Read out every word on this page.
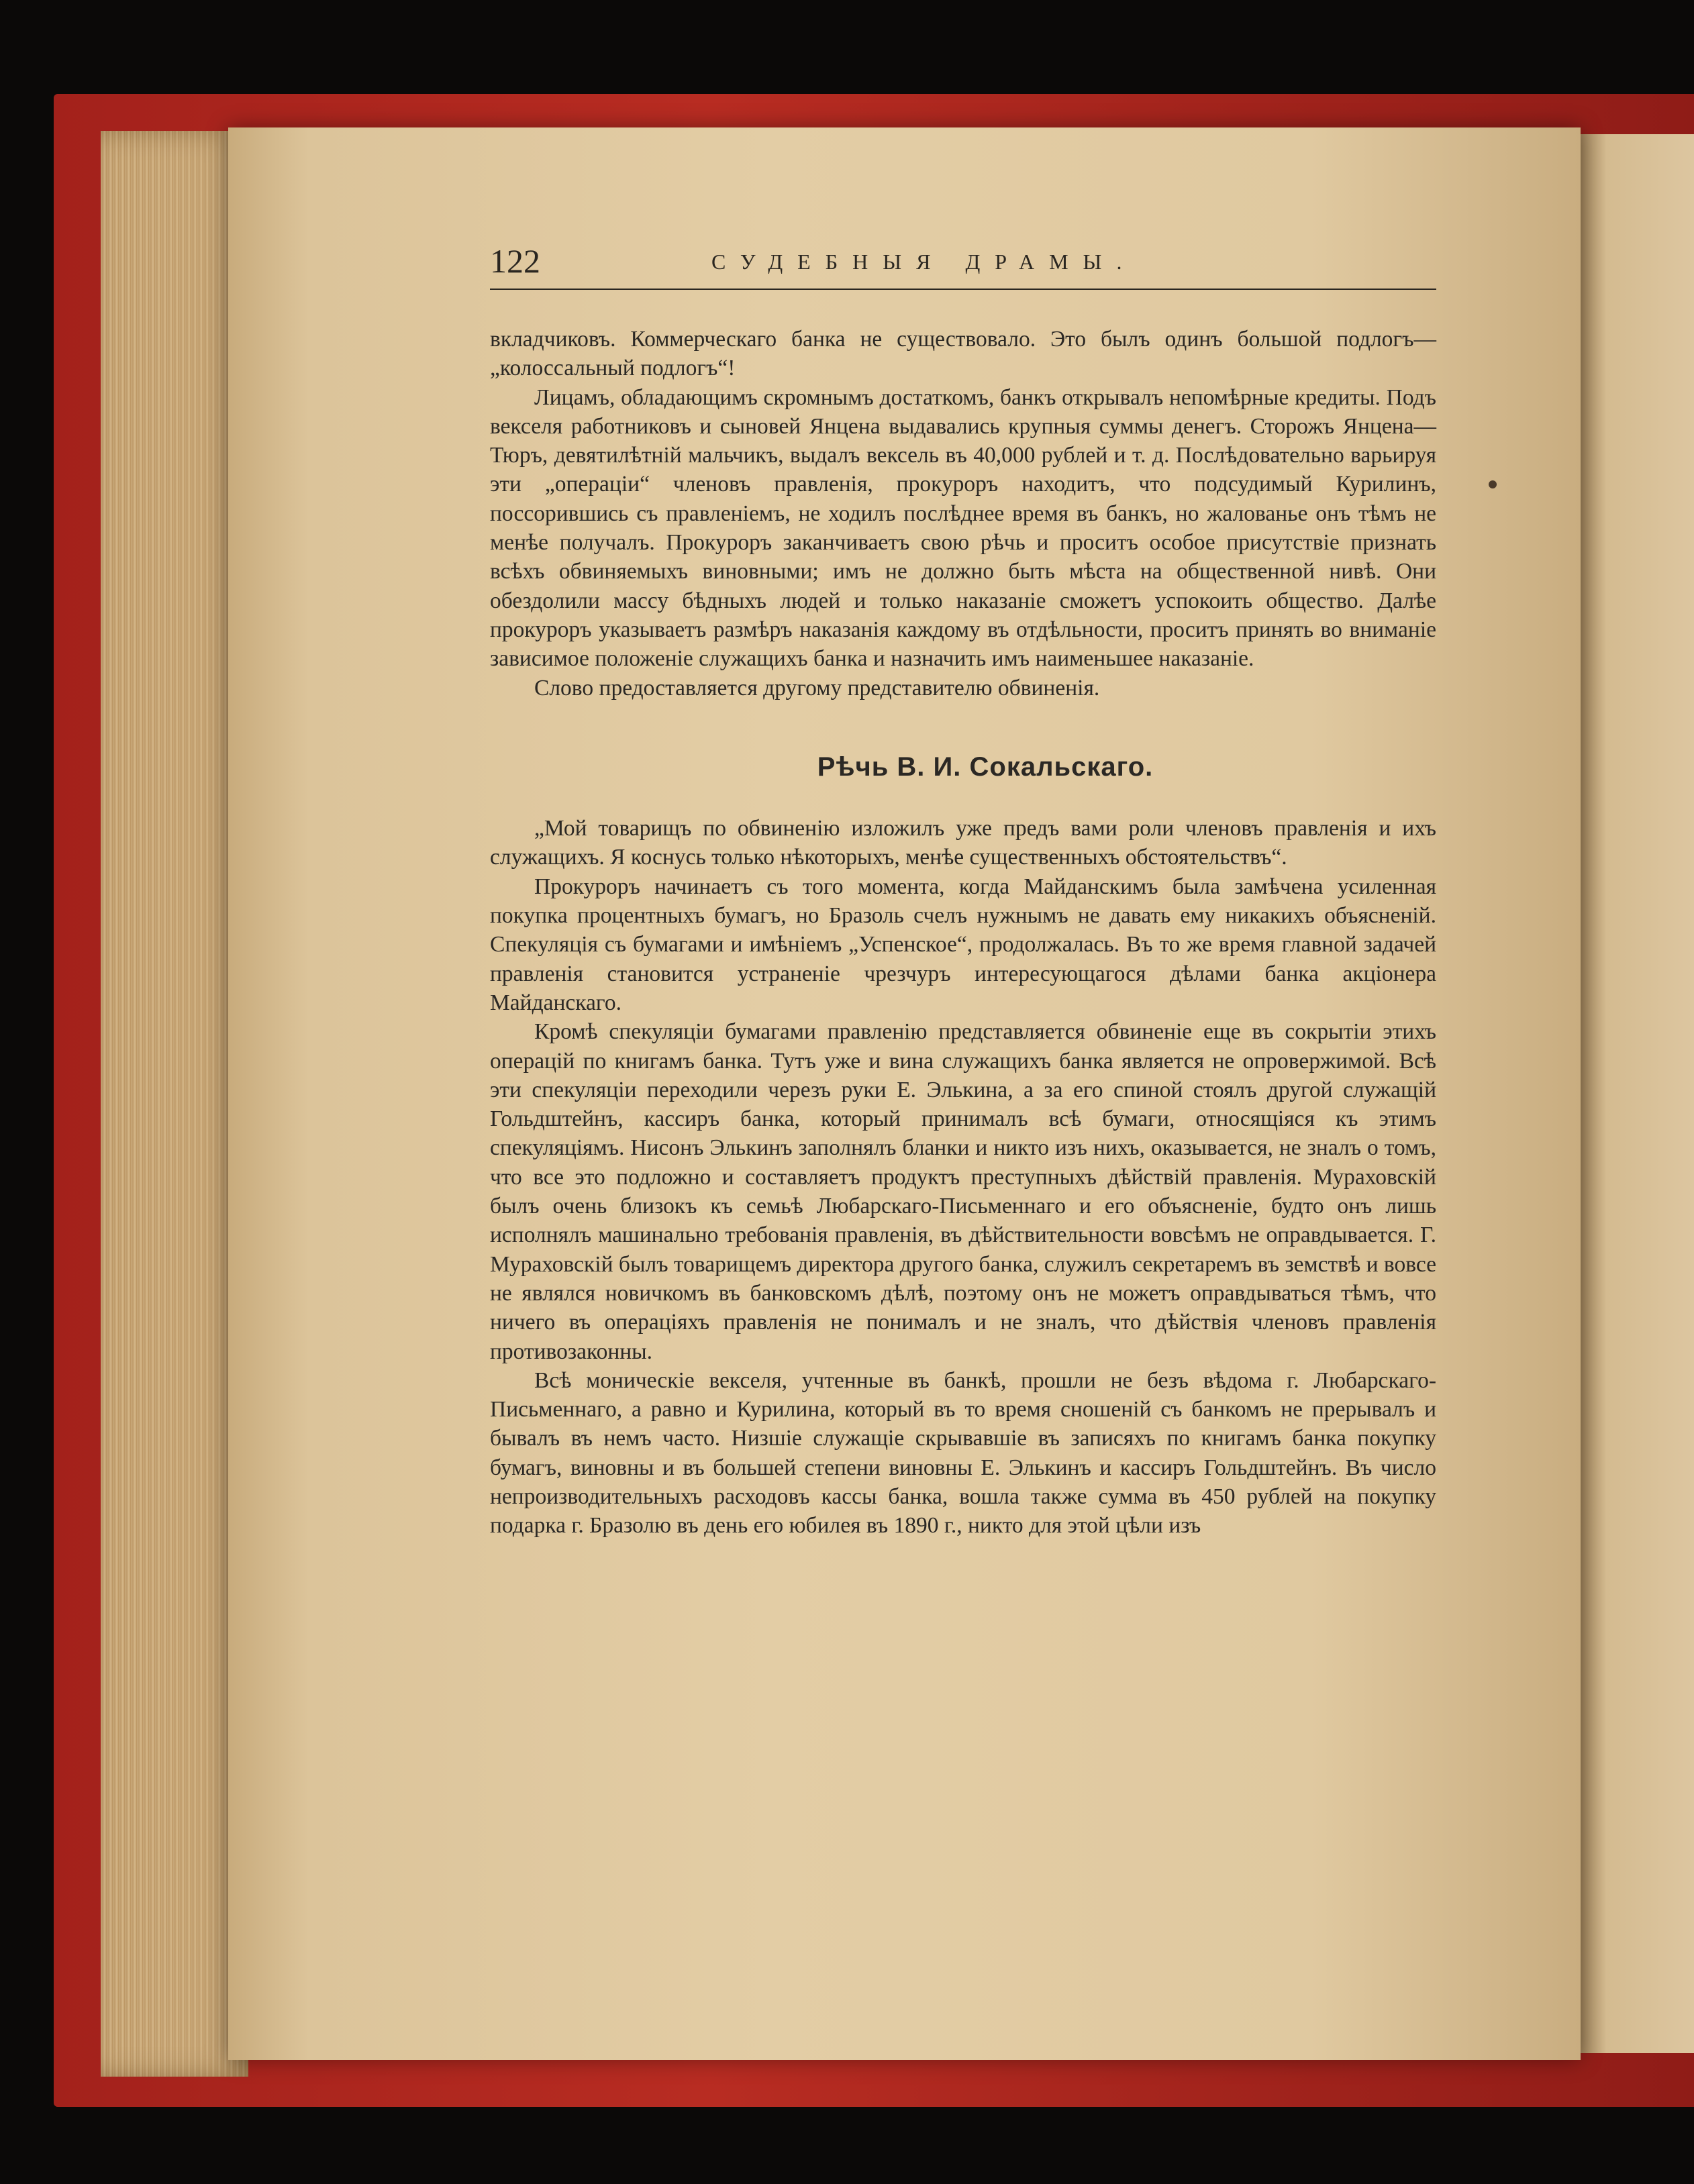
122	СУДЕБНЫЯ ДРАМЫ.

вкладчиковъ. Коммерческаго банка не существовало. Это былъ одинъ большой подлогъ—„колоссальный подлогъ“!

Лицамъ, обладающимъ скромнымъ достаткомъ, банкъ открывалъ непомѣрные кредиты. Подъ векселя работниковъ и сыновей Янцена выдавались крупныя суммы денегъ. Сторожъ Янцена—Тюръ, девятилѣтній мальчикъ, выдалъ вексель въ 40,000 рублей и т. д. Послѣдовательно варьируя эти „операціи“ членовъ правленія, прокуроръ находитъ, что подсудимый Курилинъ, поссорившись съ правленіемъ, не ходилъ послѣднее время въ банкъ, но жалованье онъ тѣмъ не менѣе получалъ. Прокуроръ заканчиваетъ свою рѣчь и проситъ особое присутствіе признать всѣхъ обвиняемыхъ виновными; имъ не должно быть мѣста на общественной нивѣ. Они обездолили массу бѣдныхъ людей и только наказаніе сможетъ успокоить общество. Далѣе прокуроръ указываетъ размѣръ наказанія каждому въ отдѣльности, проситъ принять во вниманіе зависимое положеніе служащихъ банка и назначить имъ наименьшее наказаніе.

Слово предоставляется другому представителю обвиненія.

Рѣчь В. И. Сокальскаго.

„Мой товарищъ по обвиненію изложилъ уже предъ вами роли членовъ правленія и ихъ служащихъ. Я коснусь только нѣкоторыхъ, менѣе существенныхъ обстоятельствъ“.

Прокуроръ начинаетъ съ того момента, когда Майданскимъ была замѣчена усиленная покупка процентныхъ бумагъ, но Бразоль счелъ нужнымъ не давать ему никакихъ объясненій. Спекуляція съ бумагами и имѣніемъ „Успенское“, продолжалась. Въ то же время главной задачей правленія становится устраненіе чрезчуръ интересующагося дѣлами банка акціонера Майданскаго.

Кромѣ спекуляціи бумагами правленію представляется обвиненіе еще въ сокрытіи этихъ операцій по книгамъ банка. Тутъ уже и вина служащихъ банка является не опровержимой. Всѣ эти спекуляціи переходили черезъ руки Е. Элькина, а за его спиной стоялъ другой служащій Гольдштейнъ, кассиръ банка, который принималъ всѣ бумаги, относящіяся къ этимъ спекуляціямъ. Нисонъ Элькинъ заполнялъ бланки и никто изъ нихъ, оказывается, не зналъ о томъ, что все это подложно и составляетъ продуктъ преступныхъ дѣйствій правленія. Мураховскій былъ очень близокъ къ семьѣ Любарскаго-Письменнаго и его объясненіе, будто онъ лишь исполнялъ машинально требованія правленія, въ дѣйствительности вовсѣмъ не оправдывается. Г. Мураховскій былъ товарищемъ директора другого банка, служилъ секретаремъ въ земствѣ и вовсе не являлся новичкомъ въ банковскомъ дѣлѣ, поэтому онъ не можетъ оправдываться тѣмъ, что ничего въ операціяхъ правленія не понималъ и не зналъ, что дѣйствія членовъ правленія противозаконны.

Всѣ моническіе векселя, учтенные въ банкѣ, прошли не безъ вѣдома г. Любарскаго-Письменнаго, а равно и Курилина, который въ то время сношеній съ банкомъ не прерывалъ и бывалъ въ немъ часто. Низшіе служащіе скрывавшіе въ записяхъ по книгамъ банка покупку бумагъ, виновны и въ большей степени виновны Е. Элькинъ и кассиръ Гольдштейнъ. Въ число непроизводительныхъ расходовъ кассы банка, вошла также сумма въ 450 рублей на покупку подарка г. Бразолю въ день его юбилея въ 1890 г., никто для этой цѣли изъ
